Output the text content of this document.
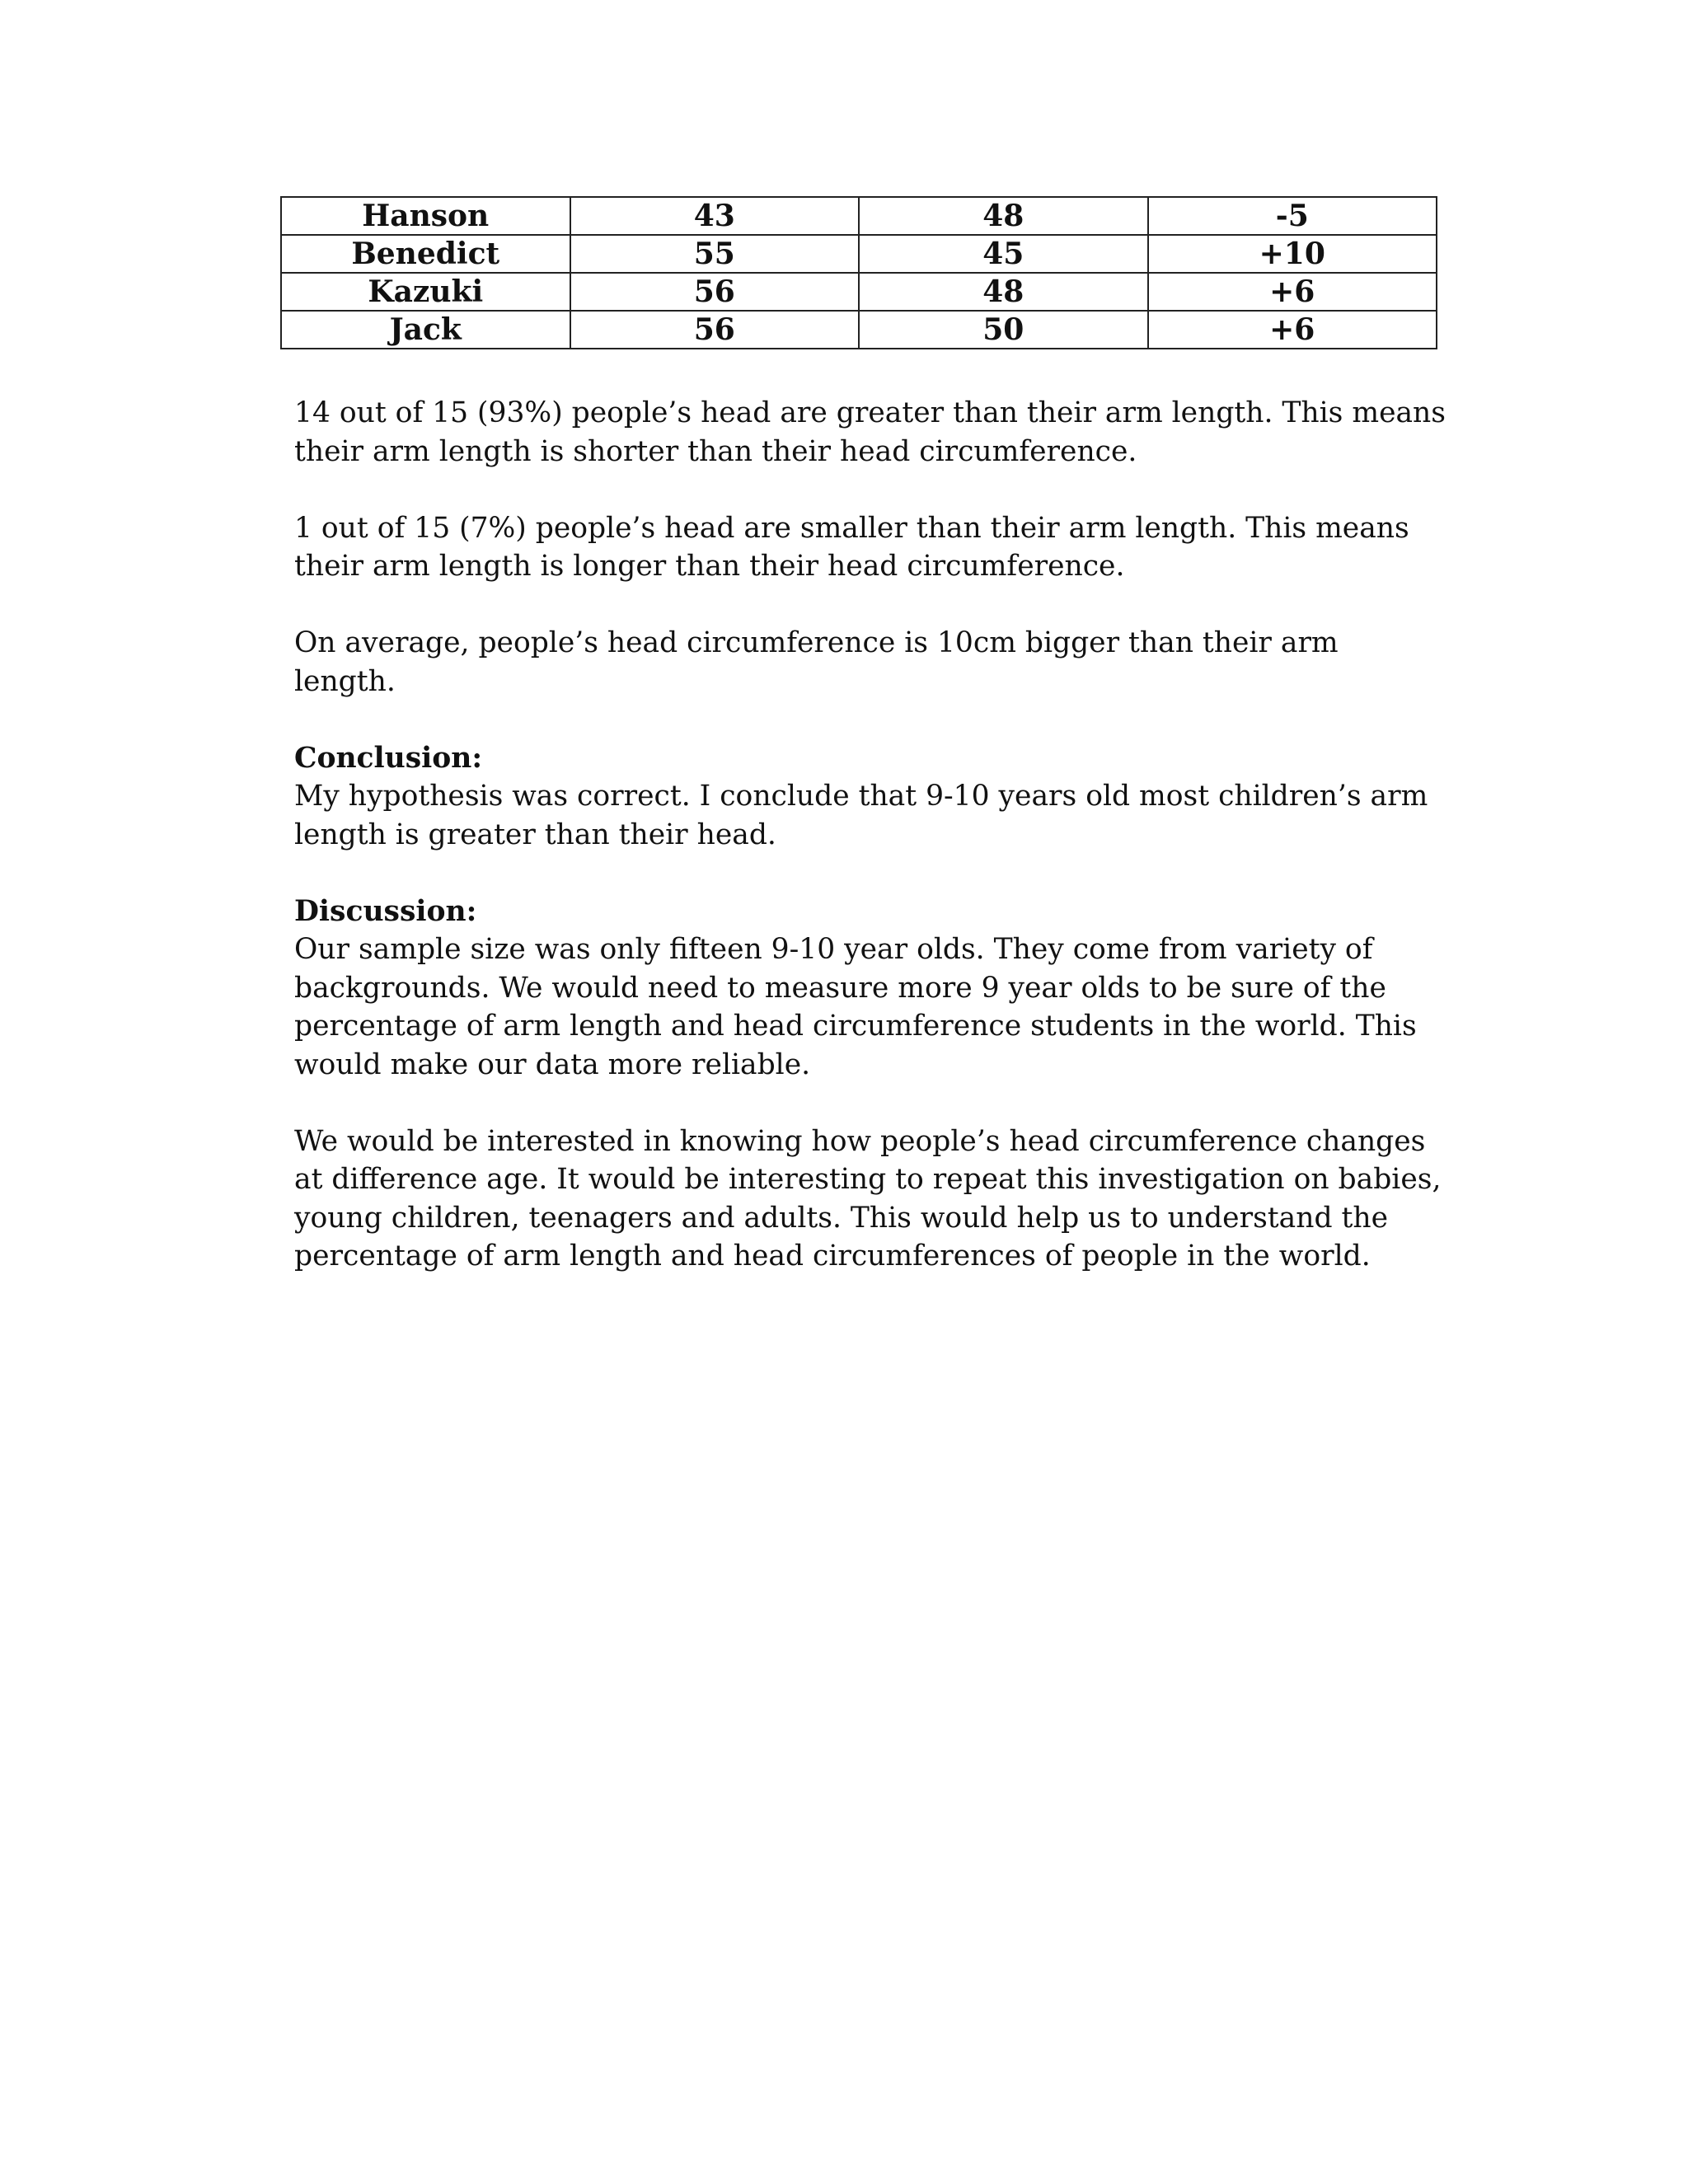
Hanson	43	48	-5
Benedict	55	45	+10
Kazuki	56	48	+6
Jack	56	50	+6

14 out of 15 (93%) people’s head are greater than their arm length. This means their arm length is shorter than their head circumference.

1 out of 15 (7%) people’s head are smaller than their arm length. This means their arm length is longer than their head circumference.

On average, people’s head circumference is 10cm bigger than their arm length.

Conclusion:
My hypothesis was correct. I conclude that 9-10 years old most children’s arm length is greater than their head.

Discussion:
Our sample size was only fifteen 9-10 year olds. They come from variety of backgrounds. We would need to measure more 9 year olds to be sure of the percentage of arm length and head circumference students in the world. This would make our data more reliable.

We would be interested in knowing how people’s head circumference changes at difference age. It would be interesting to repeat this investigation on babies, young children, teenagers and adults. This would help us to understand the percentage of arm length and head circumferences of people in the world.
